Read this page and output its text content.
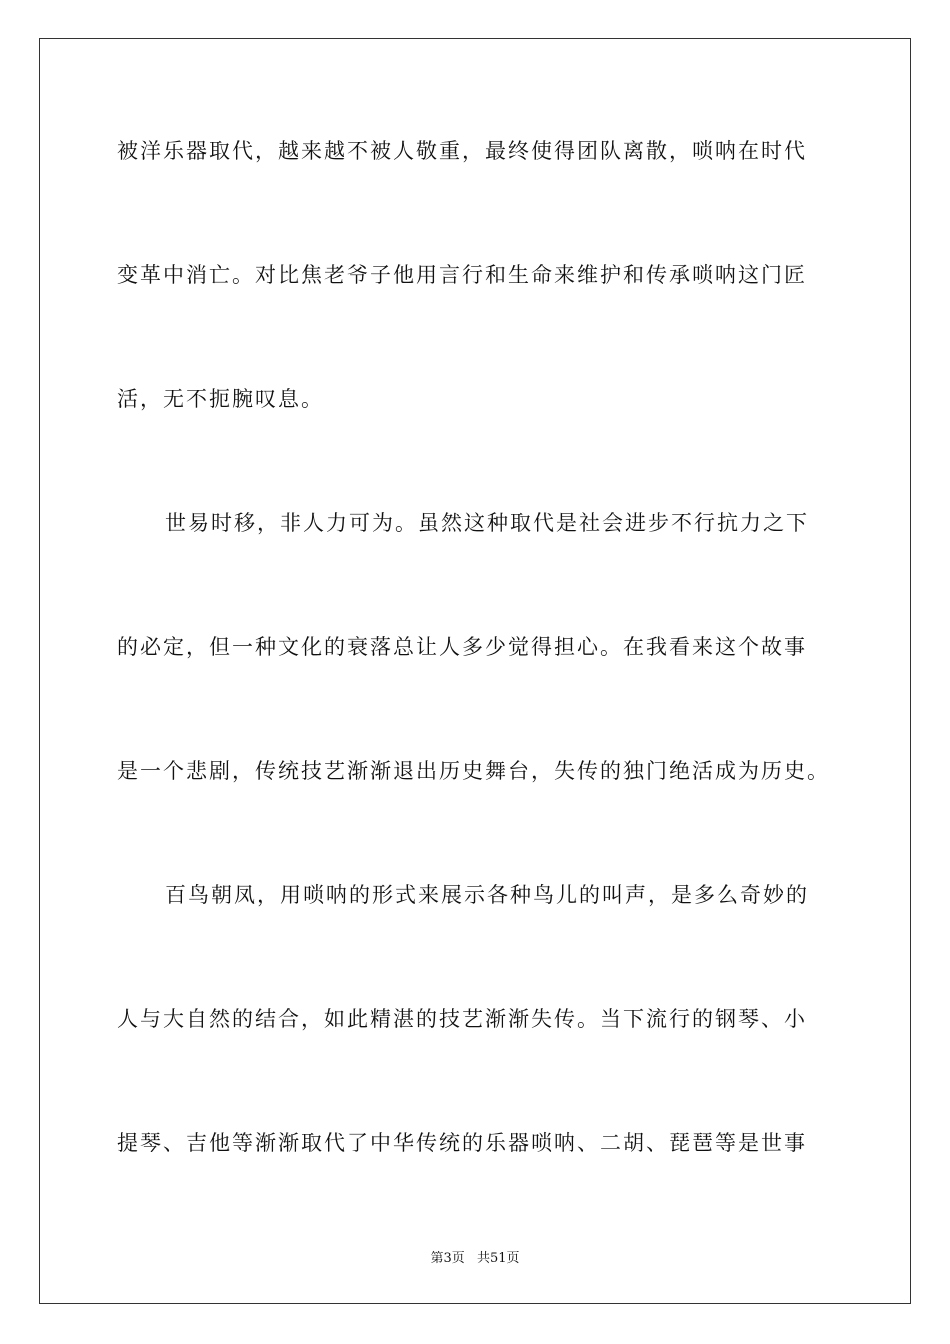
被洋乐器取代，越来越不被人敬重，最终使得团队离散，唢呐在时代
变革中消亡。对比焦老爷子他用言行和生命来维护和传承唢呐这门匠
活，无不扼腕叹息。
世易时移，非人力可为。虽然这种取代是社会进步不行抗力之下
的必定，但一种文化的衰落总让人多少觉得担心。在我看来这个故事
是一个悲剧，传统技艺渐渐退出历史舞台，失传的独门绝活成为历史。
百鸟朝凤，用唢呐的形式来展示各种鸟儿的叫声，是多么奇妙的
人与大自然的结合，如此精湛的技艺渐渐失传。当下流行的钢琴、小
提琴、吉他等渐渐取代了中华传统的乐器唢呐、二胡、琵琶等是世事
第3页 共51页
